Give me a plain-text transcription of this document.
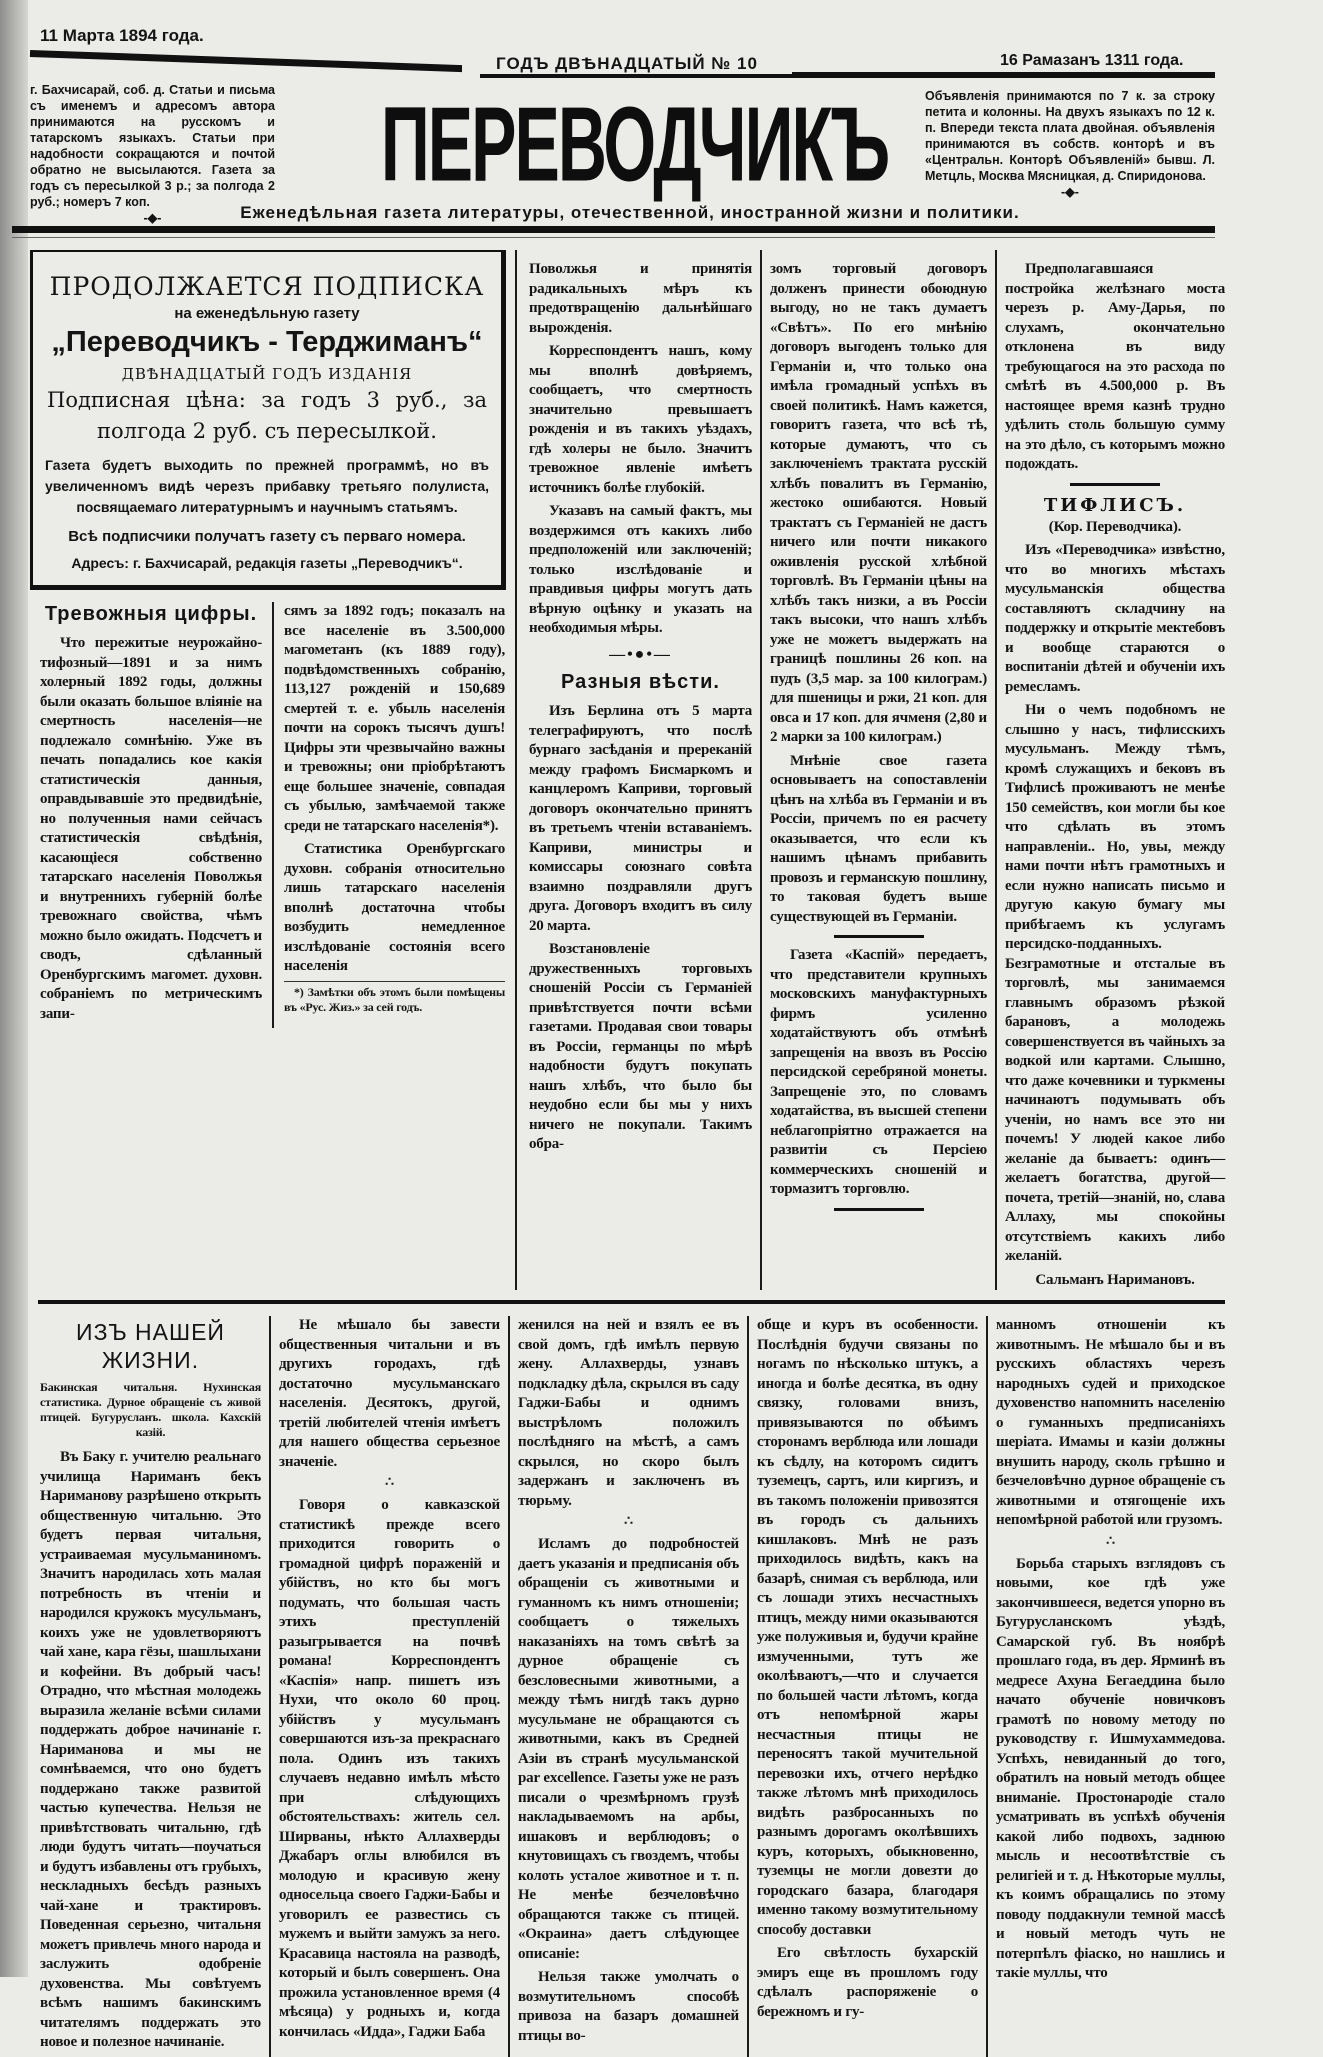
11 Марта 1894 года.
ГОДЪ ДВѢНАДЦАТЫЙ № 10	16 Рамазанъ 1311 года.
г. Бахчисарай, соб. д. Статьи и письма съ именемъ и адресомъ автора принимаются на русскомъ и татарскомъ языкахъ. Статьи при надобности сокращаются и почтой обратно не высылаются. Газета за годъ съ пересылкой 3 р.; за полгода 2 руб.; номеръ 7 коп.
-◆-
ПЕРЕВОДЧИКЪ	Объявленія принимаются по 7 к. за строку петита и колонны. На двухъ языкахъ по 12 к. п. Впереди текста плата двойная. объявленія принимаются въ собств. конторѣ и въ «Центральн. Конторѣ Объявленій» бывш. Л. Метцль, Москва Мясницкая, д. Спиридонова.
-◆-
Еженедѣльная газета литературы, отечественной, иностранной жизни и политики.
ПРОДОЛЖАЕТСЯ ПОДПИСКА
на еженедѣльную газету
„Переводчикъ - Терджиманъ“
ДВѢНАДЦАТЫЙ ГОДЪ ИЗДАНІЯ
Подписная цѣна: за годъ 3 руб., за полгода 2 руб. съ пересылкой.
Газета будетъ выходить по прежней программѣ, но въ увеличенномъ видѣ черезъ прибавку третьяго полулиста, посвящаемаго литературнымъ и научнымъ статьямъ.
Всѣ подписчики получатъ газету съ перваго номера.
Адресъ: г. Бахчисарай, редакція газеты „Переводчикъ“.
Тревожныя цифры.

Что пережитые неурожайно-тифозный—1891 и за нимъ холерный 1892 годы, должны были оказать большое вліяніе на смертность населенія—не подлежало сомнѣнію. Уже въ печать попадались кое какія статистическія данныя, оправдывавшіе это предвидѣніе, но полученныя нами сейчасъ статистическія свѣдѣнія, касающіеся собственно татарскаго населенія Поволжья и внутреннихъ губерній болѣе тревожнаго свойства, чѣмъ можно было ожидать. Подсчетъ и сводъ, сдѣланный Оренбургскимъ магомет. духовн. собраніемъ по метрическимъ запи-

сямъ за 1892 годъ; показалъ на все населеніе въ 3.500,000 магометанъ (къ 1889 году), подвѣдомственныхъ собранію, 113,127 рожденій и 150,689 смертей т. е. убыль населенія почти на сорокъ тысячъ душъ! Цифры эти чрезвычайно важны и тревожны; они пріобрѣтаютъ еще большее значеніе, совпадая съ убылью, замѣчаемой также среди не татарскаго населенія*).

Статистика Оренбургскаго духовн. собранія относительно лишь татарскаго населенія вполнѣ достаточна чтобы возбудить немедленное изслѣдованіе состоянія всего населенія

*) Замѣтки объ этомъ были помѣщены въ «Рус. Жиз.» за сей годъ.

Поволжья и принятія радикальныхъ мѣръ къ предотвращенію дальнѣйшаго вырожденія.

Корреспондентъ нашъ, кому мы вполнѣ довѣряемъ, сообщаетъ, что смертность значительно превышаетъ рожденія и въ такихъ уѣздахъ, гдѣ холеры не было. Значитъ тревожное явленіе имѣетъ источникъ болѣе глубокій.

Указавъ на самый фактъ, мы воздержимся отъ какихъ либо предположеній или заключеній; только изслѣдованіе и правдивыя цифры могутъ дать вѣрную оцѣнку и указать на необходимыя мѣры.

—•●•—
Разныя вѣсти.

Изъ Берлина отъ 5 марта телеграфируютъ, что послѣ бурнаго засѣданія и пререканій между графомъ Бисмаркомъ и канцлеромъ Каприви, торговый договоръ окончательно принятъ въ третьемъ чтеніи вставаніемъ. Каприви, министры и комиссары союзнаго совѣта взаимно поздравляли другъ друга. Договоръ входитъ въ силу 20 марта.

Возстановленіе дружественныхъ торговыхъ сношеній Россіи съ Германіей привѣтствуется почти всѣми газетами. Продавая свои товары въ Россіи, германцы по мѣрѣ надобности будутъ покупать нашъ хлѣбъ, что было бы неудобно если бы мы у нихъ ничего не покупали. Такимъ обра-

зомъ торговый договоръ долженъ принести обоюдную выгоду, но не такъ думаетъ «Свѣтъ». По его мнѣнію договоръ выгоденъ только для Германіи и, что только она имѣла громадный успѣхъ въ своей политикѣ. Намъ кажется, говоритъ газета, что всѣ тѣ, которые думаютъ, что съ заключеніемъ трактата русскій хлѣбъ повалитъ въ Германію, жестоко ошибаются. Новый трактатъ съ Германіей не дастъ ничего или почти никакого оживленія русской хлѣбной торговлѣ. Въ Германіи цѣны на хлѣбъ такъ низки, а въ Россіи такъ высоки, что нашъ хлѣбъ уже не можетъ выдержать на границѣ пошлины 26 коп. на пудъ (3,5 мар. за 100 килограм.) для пшеницы и ржи, 21 коп. для овса и 17 коп. для ячменя (2,80 и 2 марки за 100 килограм.)

Мнѣніе свое газета основываетъ на сопоставленіи цѣнъ на хлѣба въ Германіи и въ Россіи, причемъ по ея расчету оказывается, что если къ нашимъ цѣнамъ прибавить провозъ и германскую пошлину, то таковая будетъ выше существующей въ Германіи.

Газета «Каспій» передаетъ, что представители крупныхъ московскихъ мануфактурныхъ фирмъ усиленно ходатайствуютъ объ отмѣнѣ запрещенія на ввозъ въ Россію персидской серебряной монеты. Запрещеніе это, по словамъ ходатайства, въ высшей степени неблагопріятно отражается на развитіи съ Персіею коммерческихъ сношеній и тормазитъ торговлю.

Предполагавшаяся постройка желѣзнаго моста черезъ р. Аму-Дарья, по слухамъ, окончательно отклонена въ виду требующагося на это расхода по смѣтѣ въ 4.500,000 р. Въ настоящее время казнѣ трудно удѣлить столь большую сумму на это дѣло, съ которымъ можно подождать.

ТИФЛИСЪ.
(Кор. Переводчика).

Изъ «Переводчика» извѣстно, что во многихъ мѣстахъ мусульманскія общества составляютъ складчину на поддержку и открытіе мектебовъ и вообще стараются о воспитаніи дѣтей и обученіи ихъ ремесламъ.

Ни о чемъ подобномъ не слышно у насъ, тифлисскихъ мусульманъ. Между тѣмъ, кромѣ служащихъ и бековъ въ Тифлисѣ проживаютъ не менѣе 150 семействъ, кои могли бы кое что сдѣлать въ этомъ направленіи.. Но, увы, между нами почти нѣтъ грамотныхъ и если нужно написать письмо и другую какую бумагу мы прибѣгаемъ къ услугамъ персидско-подданныхъ. Безграмотные и отсталые въ торговлѣ, мы занимаемся главнымъ образомъ рѣзкой барановъ, а молодежь совершенствуется въ чайныхъ за водкой или картами. Слышно, что даже кочевники и туркмены начинаютъ подумывать объ ученіи, но намъ все это ни почемъ! У людей какое либо желаніе да бываетъ: одинъ—желаетъ богатства, другой—почета, третій—знаній, но, слава Аллаху, мы спокойны отсутствіемъ какихъ либо желаній.

Сальманъ Наримановъ.
ИЗЪ НАШЕЙ ЖИЗНИ.
Бакинская читальня. Нухинская статистика. Дурное обращеніе съ живой птицей. Бугурусланъ. школа. Кахскій казій.

Въ Баку г. учителю реальнаго училища Нариманъ бекъ Нариманову разрѣшено открыть общественную читальню. Это будетъ первая читальня, устраиваемая мусульманиномъ. Значитъ народилась хоть малая потребность въ чтеніи и народился кружокъ мусульманъ, коихъ уже не удовлетворяютъ чай хане, кара гёзы, шашлыхани и кофейни. Въ добрый часъ! Отрадно, что мѣстная молодежь выразила желаніе всѣми силами поддержать доброе начинаніе г. Нариманова и мы не сомнѣваемся, что оно будетъ поддержано также развитой частью купечества. Нельзя не привѣтствовать читальню, гдѣ люди будутъ читать—поучаться и будутъ избавлены отъ грубыхъ, нескладныхъ бесѣдъ разныхъ чай-хане и трактировъ. Поведенная серьезно, читальня можетъ привлечь много народа и заслужить одобреніе духовенства. Мы совѣтуемъ всѣмъ нашимъ бакинскимъ читателямъ поддержать это новое и полезное начинаніе.

Не мѣшало бы завести общественныя читальни и въ другихъ городахъ, гдѣ достаточно мусульманскаго населенія. Десятокъ, другой, третій любителей чтенія имѣетъ для нашего общества серьезное значеніе.

∴

Говоря о кавказской статистикѣ прежде всего приходится говорить о громадной цифрѣ пораженій и убійствъ, но кто бы могъ подумать, что большая часть этихъ преступленій разыгрывается на почвѣ романа! Корреспондентъ «Каспія» напр. пишетъ изъ Нухи, что около 60 проц. убійствъ у мусульманъ совершаются изъ-за прекраснаго пола. Одинъ изъ такихъ случаевъ недавно имѣлъ мѣсто при слѣдующихъ обстоятельствахъ: житель сел. Ширваны, нѣкто Аллахверды Джабаръ оглы влюбился въ молодую и красивую жену односельца своего Гаджи-Бабы и уговорилъ ее развестись съ мужемъ и выйти замужъ за него. Красавица настояла на разводѣ, который и былъ совершенъ. Она прожила установленное время (4 мѣсяца) у родныхъ и, когда кончилась «Идда», Гаджи Баба

женился на ней и взялъ ее въ свой домъ, гдѣ имѣлъ первую жену. Аллахверды, узнавъ подкладку дѣла, скрылся въ саду Гаджи-Бабы и однимъ выстрѣломъ положилъ послѣдняго на мѣстѣ, а самъ скрылся, но скоро былъ задержанъ и заключенъ въ тюрьму.

∴

Исламъ до подробностей даетъ указанія и предписанія объ обращеніи съ животными и гуманномъ къ нимъ отношеніи; сообщаетъ о тяжелыхъ наказаніяхъ на томъ свѣтѣ за дурное обращеніе съ безсловесными животными, а между тѣмъ нигдѣ такъ дурно мусульмане не обращаются съ животными, какъ въ Средней Азіи въ странѣ мусульманской par excellence. Газеты уже не разъ писали о чрезмѣрномъ грузѣ накладываемомъ на арбы, ишаковъ и верблюдовъ; о кнутовищахъ съ гвоздемъ, чтобы колоть усталое животное и т. п. Не менѣе безчеловѣчно обращаются также съ птицей. «Окраина» даетъ слѣдующее описаніе:

Нельзя также умолчать о возмутительномъ способѣ привоза на базаръ домашней птицы во-

обще и куръ въ особенности. Послѣднія будучи связаны по ногамъ по нѣсколько штукъ, а иногда и болѣе десятка, въ одну связку, головами внизъ, привязываются по обѣимъ сторонамъ верблюда или лошади къ сѣдлу, на которомъ сидитъ туземецъ, сартъ, или киргизъ, и въ такомъ положеніи привозятся въ городъ съ дальнихъ кишлаковъ. Мнѣ не разъ приходилось видѣть, какъ на базарѣ, снимая съ верблюда, или съ лошади этихъ несчастныхъ птицъ, между ними оказываются уже полуживыя и, будучи крайне измученными, тутъ же околѣваютъ,—что и случается по большей части лѣтомъ, когда отъ непомѣрной жары несчастныя птицы не переносятъ такой мучительной перевозки ихъ, отчего нерѣдко также лѣтомъ мнѣ приходилось видѣть разбросанныхъ по разнымъ дорогамъ околѣвшихъ куръ, которыхъ, обыкновенно, туземцы не могли довезти до городскаго базара, благодаря именно такому возмутительному способу доставки

Его свѣтлость бухарскій эмиръ еще въ прошломъ году сдѣлалъ распоряженіе о бережномъ и гу-

манномъ отношеніи къ животнымъ. Не мѣшало бы и въ русскихъ областяхъ черезъ народныхъ судей и приходское духовенство напомнить населенію о гуманныхъ предписаніяхъ шеріата. Имамы и казіи должны внушить народу, сколь грѣшно и безчеловѣчно дурное обращеніе съ животными и отягощеніе ихъ непомѣрной работой или грузомъ.

∴

Борьба старыхъ взглядовъ съ новыми, кое гдѣ уже закончившееся, ведется упорно въ Бугурусланскомъ уѣздѣ, Самарской губ. Въ ноябрѣ прошлаго года, въ дер. Ярминѣ въ медресе Ахуна Бегаеддина было начато обученіе новичковъ грамотѣ по новому методу по руководству г. Ишмухаммедова. Успѣхъ, невиданный до того, обратилъ на новый методъ общее вниманіе. Простонародіе стало усматривать въ успѣхѣ обученія какой либо подвохъ, заднюю мысль и несоотвѣтствіе съ религіей и т. д. Нѣкоторые муллы, къ коимъ обращались по этому поводу поддакнули темной массѣ и новый методъ чуть не потерпѣлъ фіаско, но нашлись и такіе муллы, что
